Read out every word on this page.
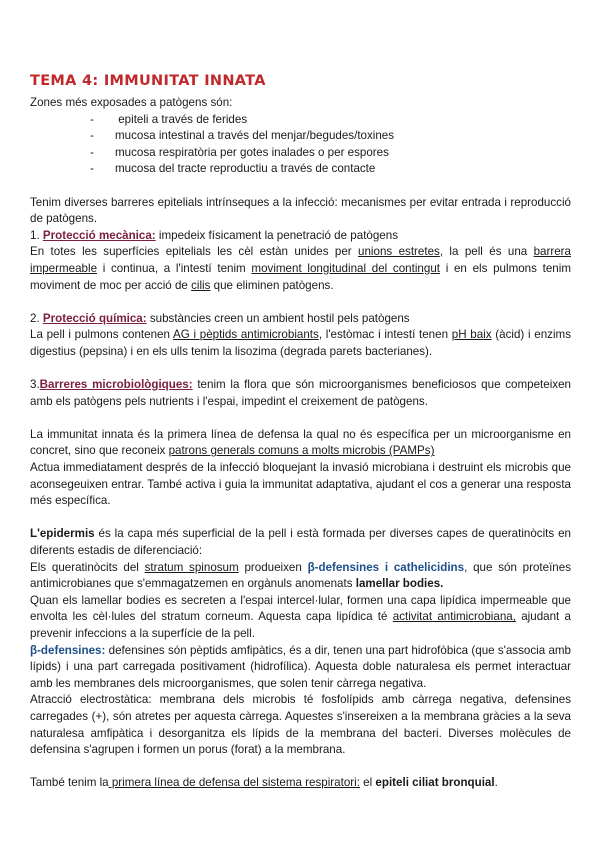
TEMA 4: IMMUNITAT INNATA

Zones més exposades a patògens són:

- epiteli a través de ferides
- mucosa intestinal a través del menjar/begudes/toxines
- mucosa respiratòria per gotes inalades o per espores
- mucosa del tracte reproductiu a través de contacte

Tenim diverses barreres epitelials intrínseques a la infecció: mecanismes per evitar entrada i reproducció de patògens.

1. Protecció mecànica: impedeix físicament la penetració de patògens

En totes les superfícies epitelials les cèl estàn unides per unions estretes, la pell és una barrera impermeable i continua, a l'intestí tenim moviment longitudinal del contingut i en els pulmons tenim moviment de moc per acció de cilis que eliminen patògens.

2. Protecció química: substàncies creen un ambient hostil pels patògens

La pell i pulmons contenen AG i pèptids antimicrobiants, l'estòmac i intestí tenen pH baix (àcid) i enzims digestius (pepsina) i en els ulls tenim la lisozima (degrada parets bacterianes).

3.Barreres microbiològiques: tenim la flora que són microorganismes beneficiosos que competeixen amb els patògens pels nutrients i l'espai, impedint el creixement de patògens.

La immunitat innata és la primera línea de defensa la qual no és específica per un microorganisme en concret, sino que reconeix patrons generals comuns a molts microbis (PAMPs)

Actua immediatament després de la infecció bloquejant la invasió microbiana i destruint els microbis que aconsegeuixen entrar. També activa i guia la immunitat adaptativa, ajudant el cos a generar una resposta més específica.

L'epidermis és la capa més superficial de la pell i està formada per diverses capes de queratinòcits en diferents estadis de diferenciació:

Els queratinòcits del stratum spinosum produeixen β-defensines i cathelicidins, que són proteïnes antimicrobianes que s'emmagatzemen en orgànuls anomenats lamellar bodies.

Quan els lamellar bodies es secreten a l'espai intercel·lular, formen una capa lipídica impermeable que envolta les cèl·lules del stratum corneum. Aquesta capa lipídica té activitat antimicrobiana, ajudant a prevenir infeccions a la superfície de la pell.

β-defensines: defensines són pèptids amfipàtics, és a dir, tenen una part hidrofòbica (que s'associa amb lípids) i una part carregada positivament (hidrofílica). Aquesta doble naturalesa els permet interactuar amb les membranes dels microorganismes, que solen tenir càrrega negativa.

Atracció electrostàtica: membrana dels microbis té fosfolípids amb càrrega negativa, defensines carregades (+), són atretes per aquesta càrrega. Aquestes s'insereixen a la membrana gràcies a la seva naturalesa amfipàtica i desorganitza els lípids de la membrana del bacteri. Diverses molècules de defensina s'agrupen i formen un porus (forat) a la membrana.

També tenim la primera línea de defensa del sistema respiratori: el epiteli ciliat bronquial.
